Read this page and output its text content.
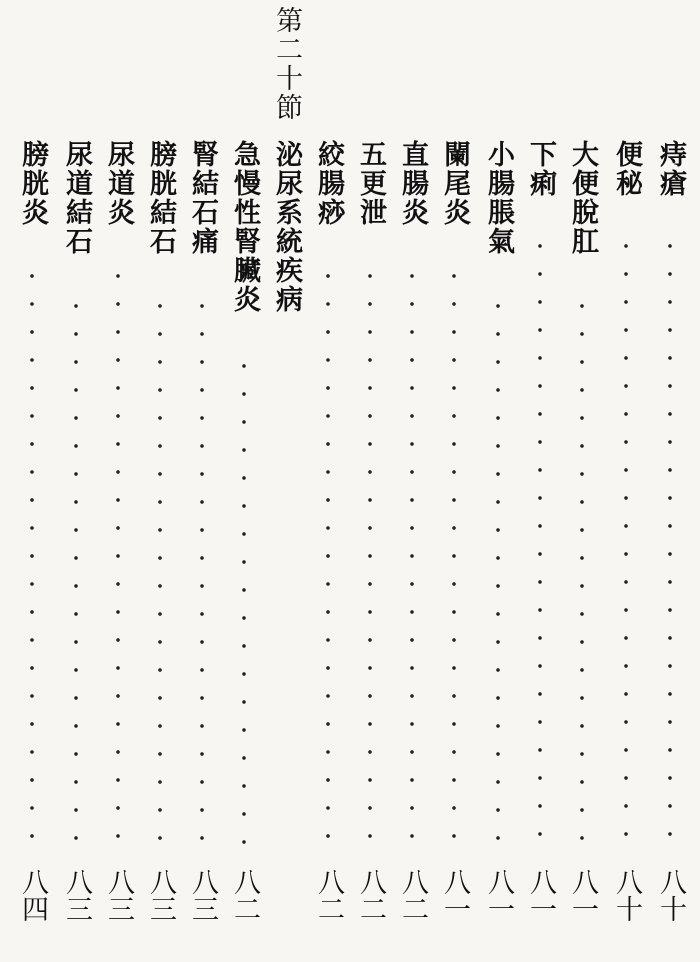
痔瘡
八十
便秘
八十
大便脫肛
八一
下痢
八一
小腸脹氣
八一
闌尾炎
八一
直腸炎
八二
五更泄
八二
絞腸痧
八二
第二十節
泌尿系統疾病
急慢性腎臟炎
八二
腎結石痛
八三
膀胱結石
八三
尿道炎
八三
尿道結石
八三
膀胱炎
八四
